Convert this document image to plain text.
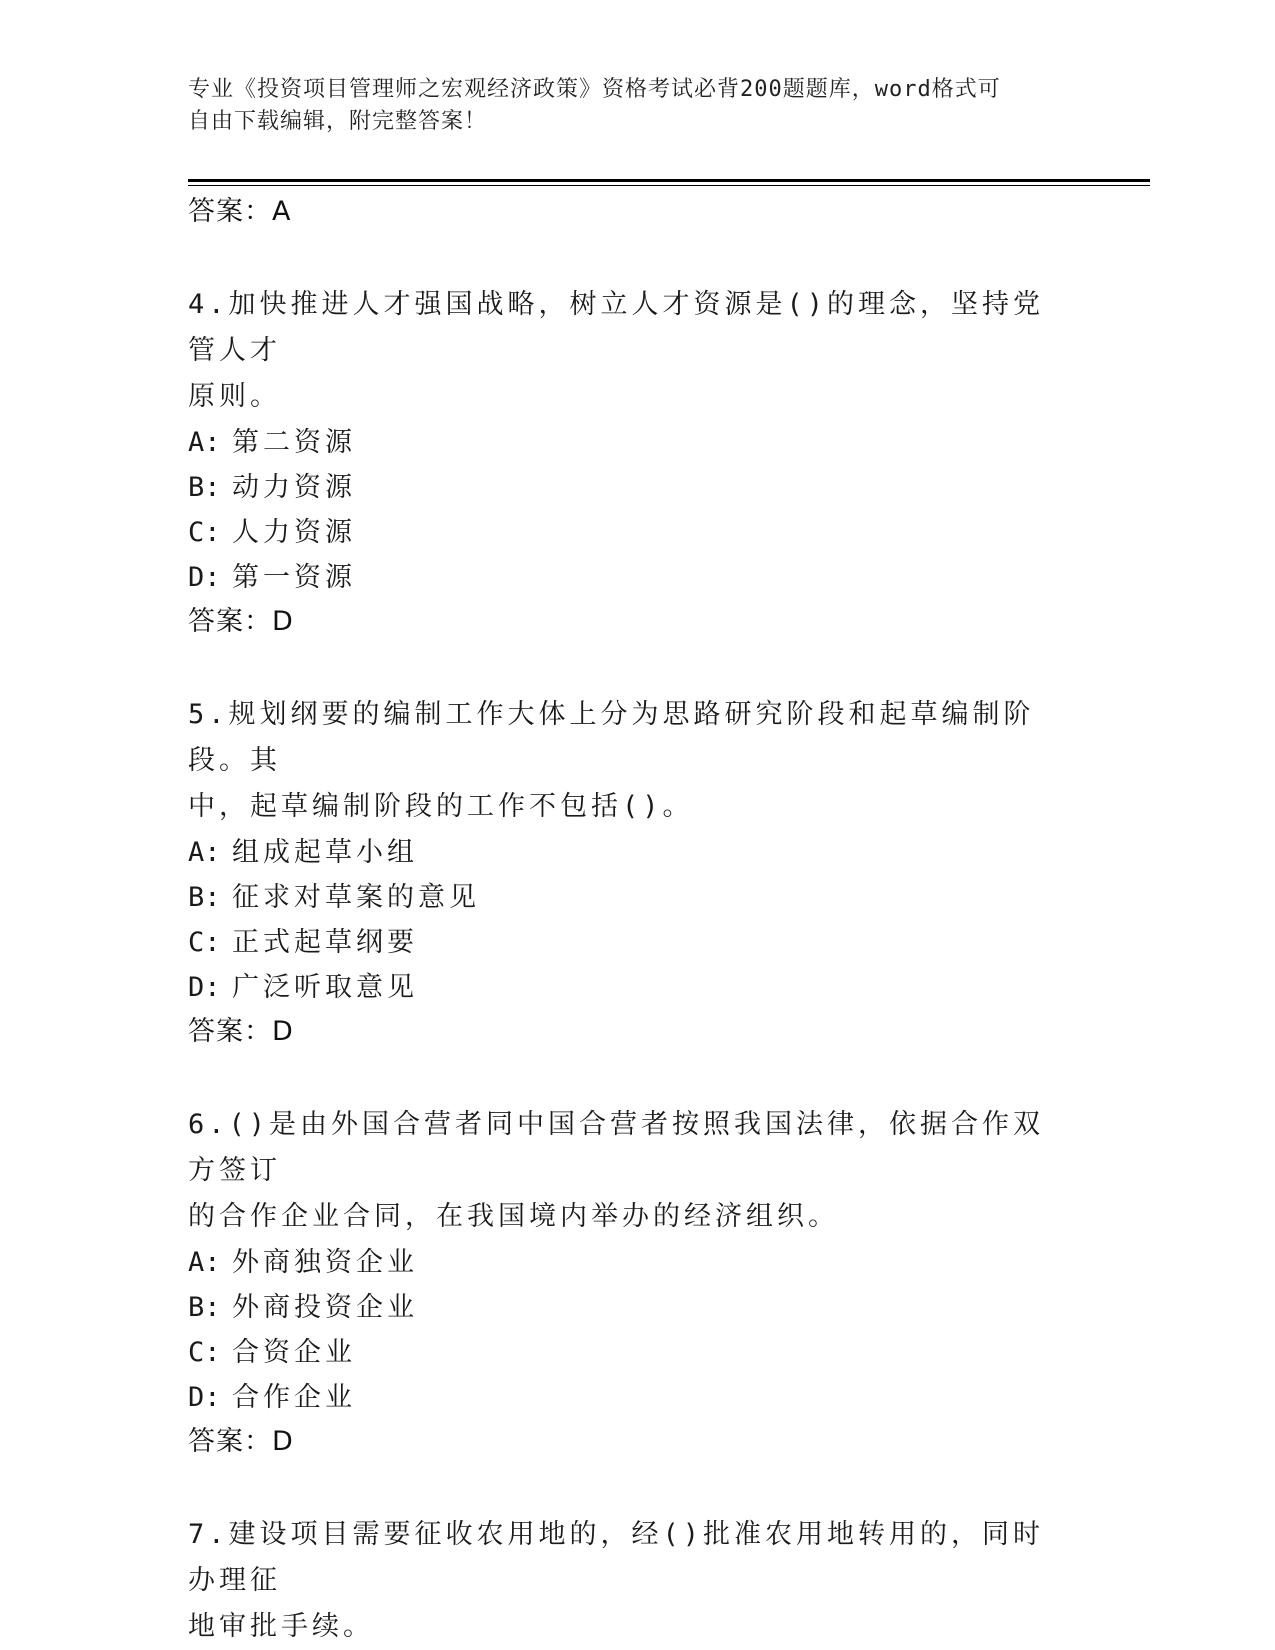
专业《投资项目管理师之宏观经济政策》资格考试必背200题题库，word格式可
自由下载编辑，附完整答案！
答案：A
4.加快推进人才强国战略，树立人才资源是()的理念，坚持党管人才
原则。
A: 第二资源
B: 动力资源
C: 人力资源
D: 第一资源
答案：D
5.规划纲要的编制工作大体上分为思路研究阶段和起草编制阶段。其
中，起草编制阶段的工作不包括()。
A: 组成起草小组
B: 征求对草案的意见
C: 正式起草纲要
D: 广泛听取意见
答案：D
6.()是由外国合营者同中国合营者按照我国法律，依据合作双方签订
的合作企业合同，在我国境内举办的经济组织。
A: 外商独资企业
B: 外商投资企业
C: 合资企业
D: 合作企业
答案：D
7.建设项目需要征收农用地的，经()批准农用地转用的，同时办理征
地审批手续。
